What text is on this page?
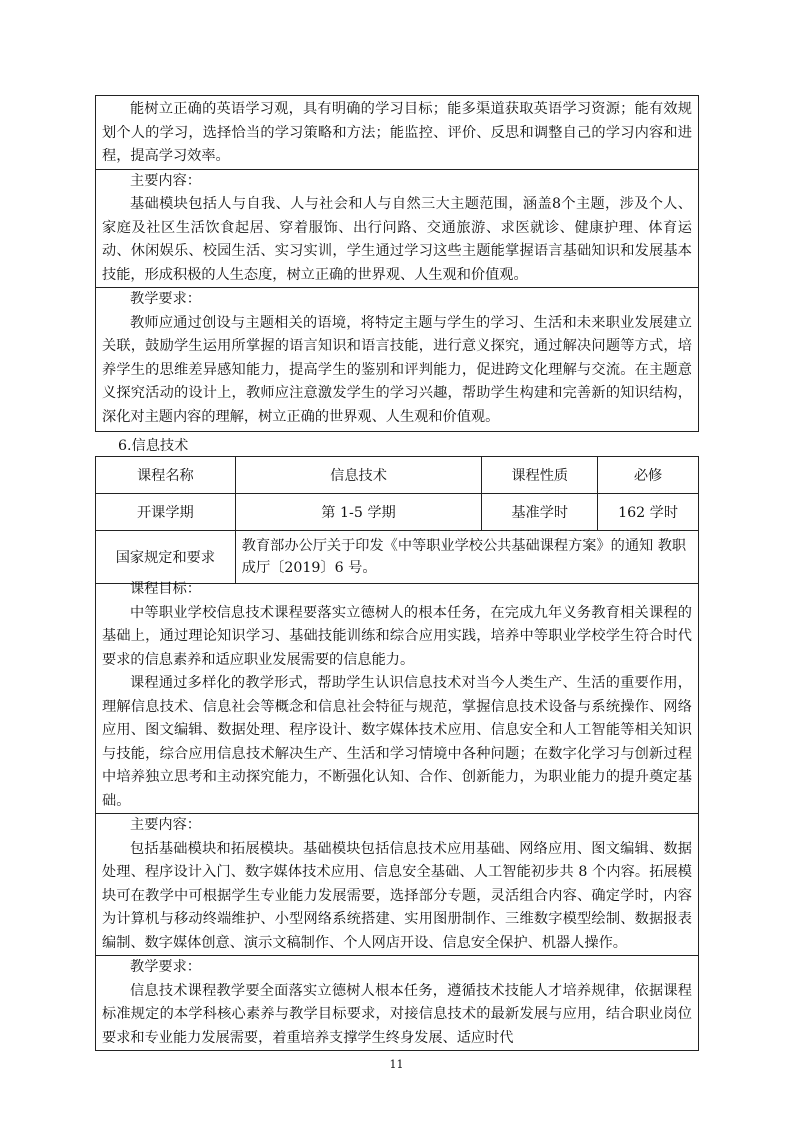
能树立正确的英语学习观，具有明确的学习目标；能多渠道获取英语学习资源；能有效规划个人的学习，选择恰当的学习策略和方法；能监控、评价、反思和调整自己的学习内容和进程，提高学习效率。

主要内容：

基础模块包括人与自我、人与社会和人与自然三大主题范围，涵盖8个主题，涉及个人、家庭及社区生活饮食起居、穿着服饰、出行问路、交通旅游、求医就诊、健康护理、体育运动、休闲娱乐、校园生活、实习实训，学生通过学习这些主题能掌握语言基础知识和发展基本技能，形成积极的人生态度，树立正确的世界观、人生观和价值观。

教学要求：

教师应通过创设与主题相关的语境，将特定主题与学生的学习、生活和未来职业发展建立关联，鼓励学生运用所掌握的语言知识和语言技能，进行意义探究，通过解决问题等方式，培养学生的思维差异感知能力，提高学生的鉴别和评判能力，促进跨文化理解与交流。在主题意义探究活动的设计上，教师应注意激发学生的学习兴趣，帮助学生构建和完善新的知识结构，深化对主题内容的理解，树立正确的世界观、人生观和价值观。

6.信息技术
课程名称	信息技术	课程性质	必修
开课学期	第 1-5 学期	基准学时	162 学时
国家规定和要求	教育部办公厅关于印发《中等职业学校公共基础课程方案》的通知 教职成厅〔2019〕6 号。		

课程目标：

中等职业学校信息技术课程要落实立德树人的根本任务，在完成九年义务教育相关课程的基础上，通过理论知识学习、基础技能训练和综合应用实践，培养中等职业学校学生符合时代要求的信息素养和适应职业发展需要的信息能力。

课程通过多样化的教学形式，帮助学生认识信息技术对当今人类生产、生活的重要作用，理解信息技术、信息社会等概念和信息社会特征与规范，掌握信息技术设备与系统操作、网络应用、图文编辑、数据处理、程序设计、数字媒体技术应用、信息安全和人工智能等相关知识与技能，综合应用信息技术解决生产、生活和学习情境中各种问题；在数字化学习与创新过程中培养独立思考和主动探究能力，不断强化认知、合作、创新能力，为职业能力的提升奠定基础。

主要内容：

包括基础模块和拓展模块。基础模块包括信息技术应用基础、网络应用、图文编辑、数据处理、程序设计入门、数字媒体技术应用、信息安全基础、人工智能初步共 8 个内容。拓展模块可在教学中可根据学生专业能力发展需要，选择部分专题，灵活组合内容、确定学时，内容为计算机与移动终端维护、小型网络系统搭建、实用图册制作、三维数字模型绘制、数据报表编制、数字媒体创意、演示文稿制作、个人网店开设、信息安全保护、机器人操作。

教学要求：

信息技术课程教学要全面落实立德树人根本任务，遵循技术技能人才培养规律，依据课程标准规定的本学科核心素养与教学目标要求，对接信息技术的最新发展与应用，结合职业岗位要求和专业能力发展需要，着重培养支撑学生终身发展、适应时代

11
